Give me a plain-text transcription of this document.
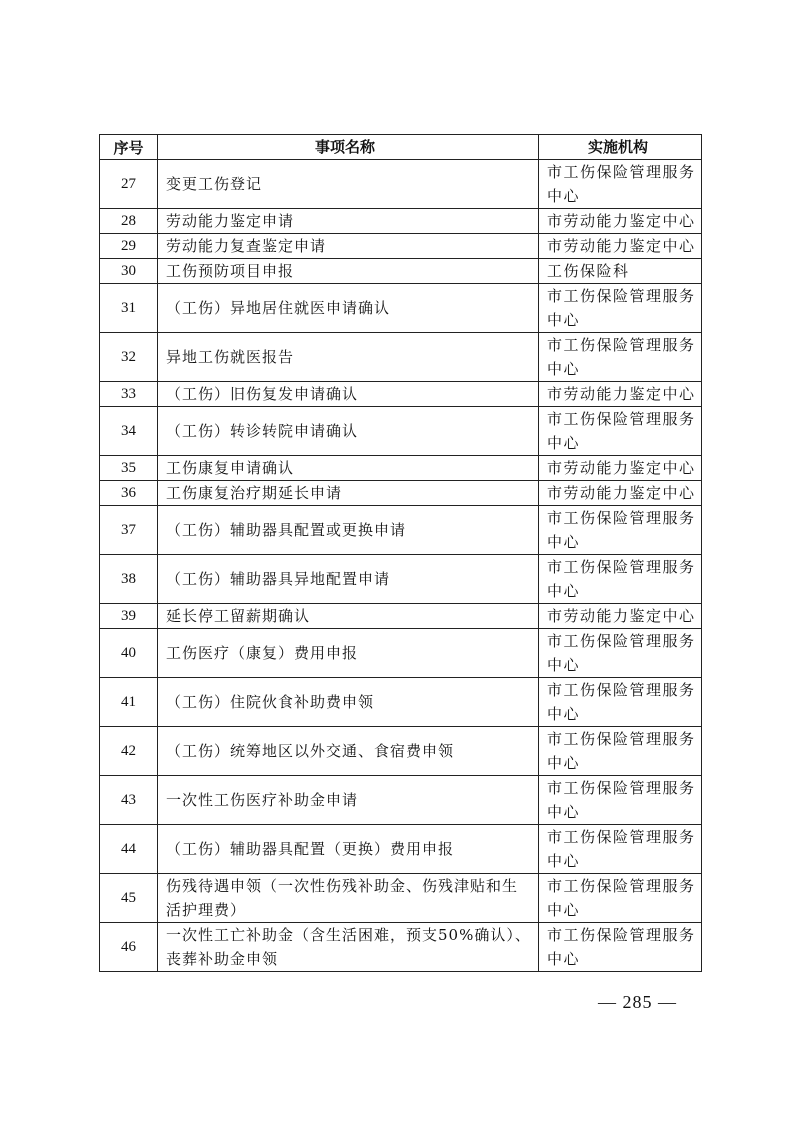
序号	事项名称	实施机构
27	变更工伤登记	市工伤保险管理服务中心
28	劳动能力鉴定申请	市劳动能力鉴定中心
29	劳动能力复查鉴定申请	市劳动能力鉴定中心
30	工伤预防项目申报	工伤保险科
31	（工伤）异地居住就医申请确认	市工伤保险管理服务中心
32	异地工伤就医报告	市工伤保险管理服务中心
33	（工伤）旧伤复发申请确认	市劳动能力鉴定中心
34	（工伤）转诊转院申请确认	市工伤保险管理服务中心
35	工伤康复申请确认	市劳动能力鉴定中心
36	工伤康复治疗期延长申请	市劳动能力鉴定中心
37	（工伤）辅助器具配置或更换申请	市工伤保险管理服务中心
38	（工伤）辅助器具异地配置申请	市工伤保险管理服务中心
39	延长停工留薪期确认	市劳动能力鉴定中心
40	工伤医疗（康复）费用申报	市工伤保险管理服务中心
41	（工伤）住院伙食补助费申领	市工伤保险管理服务中心
42	（工伤）统筹地区以外交通、食宿费申领	市工伤保险管理服务中心
43	一次性工伤医疗补助金申请	市工伤保险管理服务中心
44	（工伤）辅助器具配置（更换）费用申报	市工伤保险管理服务中心
45	伤残待遇申领（一次性伤残补助金、伤残津贴和生活护理费）	市工伤保险管理服务中心
46	一次性工亡补助金（含生活困难，预支50%确认）、丧葬补助金申领	市工伤保险管理服务中心
— 285 —
